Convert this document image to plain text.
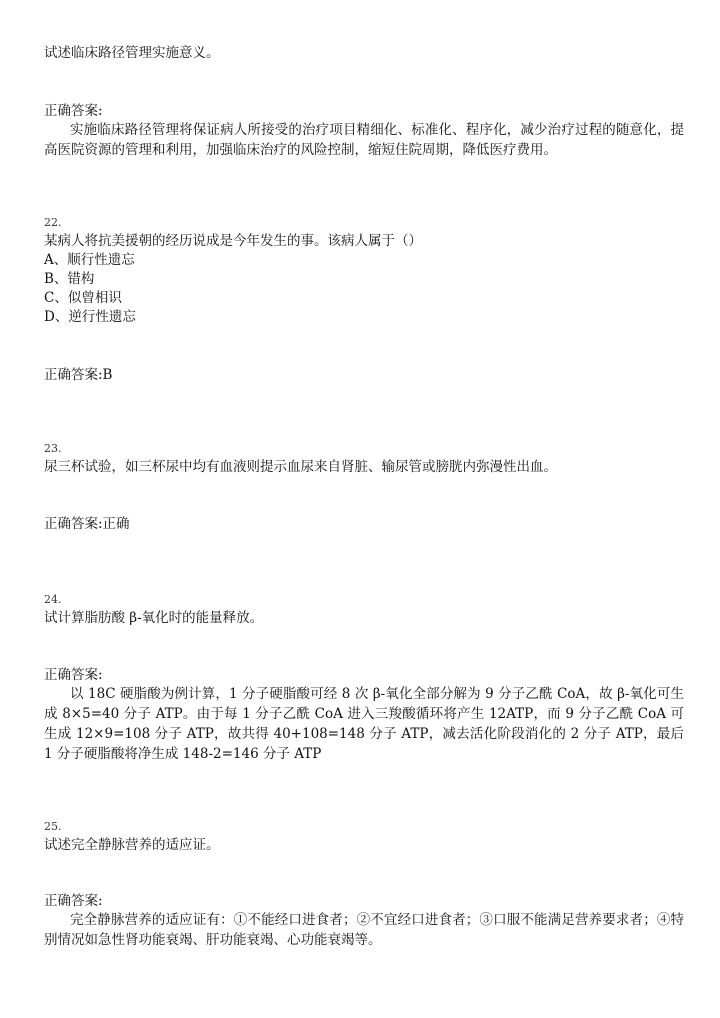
试述临床路径管理实施意义。
正确答案:
实施临床路径管理将保证病人所接受的治疗项目精细化、标准化、程序化，减少治疗过程的随意化，提高医院资源的管理和利用，加强临床治疗的风险控制，缩短住院周期，降低医疗费用。
22.
某病人将抗美援朝的经历说成是今年发生的事。该病人属于（）
A、顺行性遗忘
B、错构
C、似曾相识
D、逆行性遗忘
正确答案:B
23.
尿三杯试验，如三杯尿中均有血液则提示血尿来自肾脏、输尿管或膀胱内弥漫性出血。
正确答案:正确
24.
试计算脂肪酸 β-氧化时的能量释放。
正确答案:
以 18C 硬脂酸为例计算，1 分子硬脂酸可经 8 次 β-氧化全部分解为 9 分子乙酰 CoA，故 β-氧化可生成 8×5=40 分子 ATP。由于每 1 分子乙酰 CoA 进入三羧酸循环将产生 12ATP，而 9 分子乙酰 CoA 可生成 12×9=108 分子 ATP，故共得 40+108=148 分子 ATP，减去活化阶段消化的 2 分子 ATP，最后 1 分子硬脂酸将净生成 148-2=146 分子 ATP
25.
试述完全静脉营养的适应证。
正确答案:
完全静脉营养的适应证有：①不能经口进食者；②不宜经口进食者；③口服不能满足营养要求者；④特别情况如急性肾功能衰竭、肝功能衰竭、心功能衰竭等。
